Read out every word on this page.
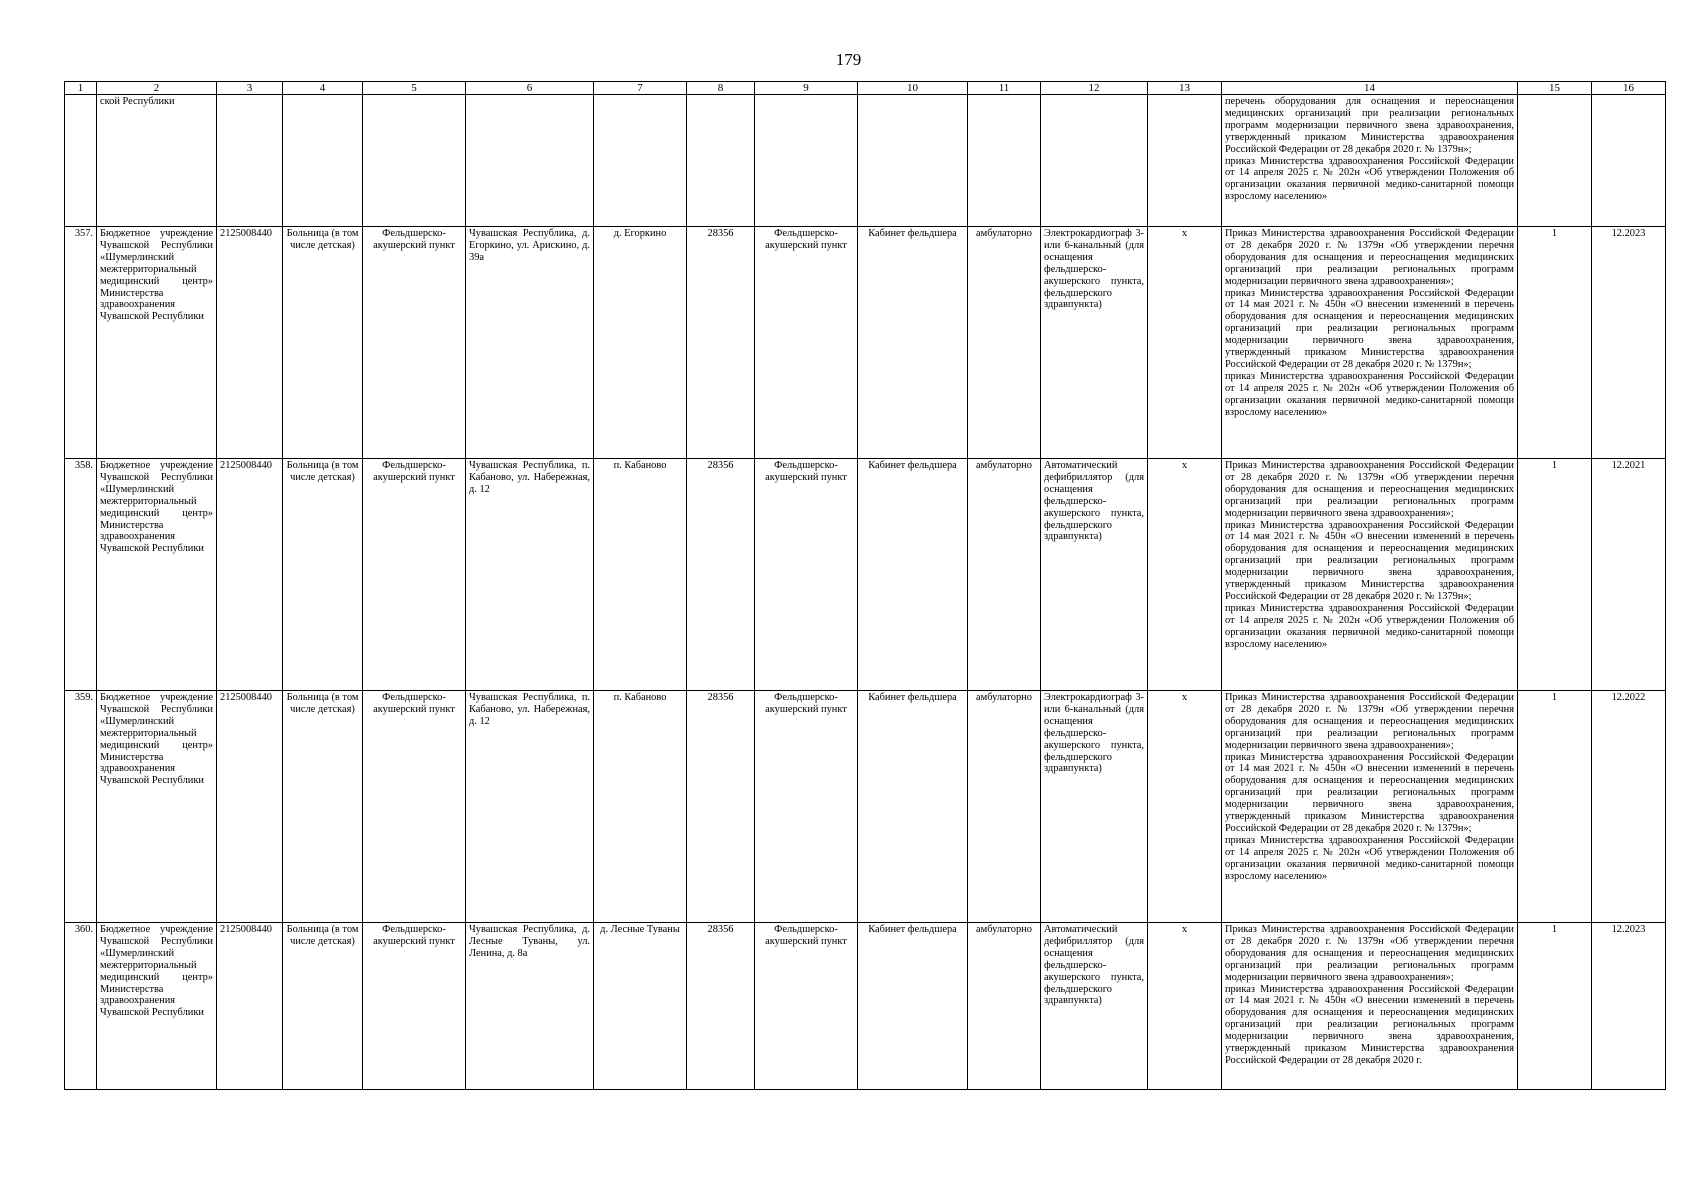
179
1	2	3	4	5	6	7	8	9	10	11	12	13	14	15	16
	ской Республики												перечень оборудования для оснащения и переоснащения медицинских организаций при реализации региональных программ модернизации первичного звена здравоохранения, утвержденный приказом Министерства здравоохранения Российской Федерации от 28 декабря 2020 г. № 1379н»;
приказ Министерства здравоохранения Российской Федерации от 14 апреля 2025 г. № 202н «Об утверждении Положения об организации оказания первичной медико-санитарной помощи взрослому населению»		

357.	Бюджетное учреждение Чувашской Республики «Шумерлинский межтерриториальный медицинский центр» Министерства здравоохранения Чувашской Республики	2125008440	Больница (в том числе детская)	Фельдшерско-акушерский пункт	Чувашская Республика, д. Егоркино, ул. Арискино, д. 39а	д. Егоркино	28356	Фельдшерско-акушерский пункт	Кабинет фельдшера	амбулаторно	Электрокардиограф 3- или 6-канальный (для оснащения фельдшерско-акушерского пункта, фельдшерского здравпункта)	х	Приказ Министерства здравоохранения Российской Федерации от 28 декабря 2020 г. № 1379н «Об утверждении перечня оборудования для оснащения и переоснащения медицинских организаций при реализации региональных программ модернизации первичного звена здравоохранения»;
приказ Министерства здравоохранения Российской Федерации от 14 мая 2021 г. № 450н «О внесении изменений в перечень оборудования для оснащения и переоснащения медицинских организаций при реализации региональных программ модернизации первичного звена здравоохранения, утвержденный приказом Министерства здравоохранения Российской Федерации от 28 декабря 2020 г. № 1379н»;
приказ Министерства здравоохранения Российской Федерации от 14 апреля 2025 г. № 202н «Об утверждении Положения об организации оказания первичной медико-санитарной помощи взрослому населению»	1	12.2023
358.	Бюджетное учреждение Чувашской Республики «Шумерлинский межтерриториальный медицинский центр» Министерства здравоохранения Чувашской Республики	2125008440	Больница (в том числе детская)	Фельдшерско-акушерский пункт	Чувашская Республика, п. Кабаново, ул. Набережная, д. 12	п. Кабаново	28356	Фельдшерско-акушерский пункт	Кабинет фельдшера	амбулаторно	Автоматический дефибриллятор (для оснащения фельдшерско-акушерского пункта, фельдшерского здравпункта)	х	Приказ Министерства здравоохранения Российской Федерации от 28 декабря 2020 г. № 1379н «Об утверждении перечня оборудования для оснащения и переоснащения медицинских организаций при реализации региональных программ модернизации первичного звена здравоохранения»;
приказ Министерства здравоохранения Российской Федерации от 14 мая 2021 г. № 450н «О внесении изменений в перечень оборудования для оснащения и переоснащения медицинских организаций при реализации региональных программ модернизации первичного звена здравоохранения, утвержденный приказом Министерства здравоохранения Российской Федерации от 28 декабря 2020 г. № 1379н»;
приказ Министерства здравоохранения Российской Федерации от 14 апреля 2025 г. № 202н «Об утверждении Положения об организации оказания первичной медико-санитарной помощи взрослому населению»	1	12.2021
359.	Бюджетное учреждение Чувашской Республики «Шумерлинский межтерриториальный медицинский центр» Министерства здравоохранения Чувашской Республики	2125008440	Больница (в том числе детская)	Фельдшерско-акушерский пункт	Чувашская Республика, п. Кабаново, ул. Набережная, д. 12	п. Кабаново	28356	Фельдшерско-акушерский пункт	Кабинет фельдшера	амбулаторно	Электрокардиограф 3- или 6-канальный (для оснащения фельдшерско-акушерского пункта, фельдшерского здравпункта)	х	Приказ Министерства здравоохранения Российской Федерации от 28 декабря 2020 г. № 1379н «Об утверждении перечня оборудования для оснащения и переоснащения медицинских организаций при реализации региональных программ модернизации первичного звена здравоохранения»;
приказ Министерства здравоохранения Российской Федерации от 14 мая 2021 г. № 450н «О внесении изменений в перечень оборудования для оснащения и переоснащения медицинских организаций при реализации региональных программ модернизации первичного звена здравоохранения, утвержденный приказом Министерства здравоохранения Российской Федерации от 28 декабря 2020 г. № 1379н»;
приказ Министерства здравоохранения Российской Федерации от 14 апреля 2025 г. № 202н «Об утверждении Положения об организации оказания первичной медико-санитарной помощи взрослому населению»	1	12.2022
360.	Бюджетное учреждение Чувашской Республики «Шумерлинский межтерриториальный медицинский центр» Министерства здравоохранения Чувашской Республики	2125008440	Больница (в том числе детская)	Фельдшерско-акушерский пункт	Чувашская Республика, д. Лесные Туваны, ул. Ленина, д. 8а	д. Лесные Туваны	28356	Фельдшерско-акушерский пункт	Кабинет фельдшера	амбулаторно	Автоматический дефибриллятор (для оснащения фельдшерско-акушерского пункта, фельдшерского здравпункта)	х	Приказ Министерства здравоохранения Российской Федерации от 28 декабря 2020 г. № 1379н «Об утверждении перечня оборудования для оснащения и переоснащения медицинских организаций при реализации региональных программ модернизации первичного звена здравоохранения»;
приказ Министерства здравоохранения Российской Федерации от 14 мая 2021 г. № 450н «О внесении изменений в перечень оборудования для оснащения и переоснащения медицинских организаций при реализации региональных программ модернизации первичного звена здравоохранения, утвержденный приказом Министерства здравоохранения Российской Федерации от 28 декабря 2020 г.	1	12.2023
